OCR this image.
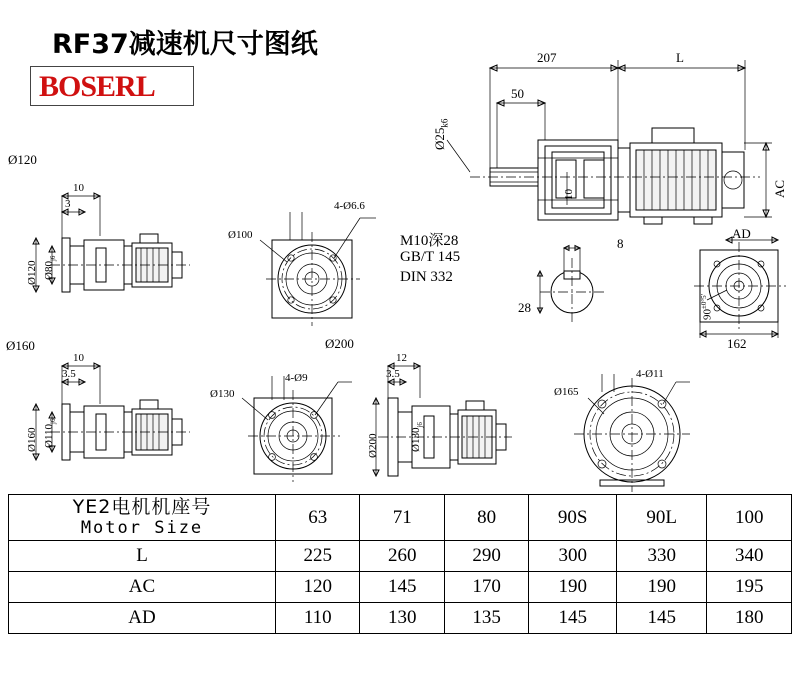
RF37减速机尺寸图纸
BOSERL
207	L
50
$Ø25_{k6}$
AC
AD
M10深28
GB/T 145
DIN 332
8
28
10
162
$90^{\pm 0^\circ 5'}$
Ø120
10
3
Ø120 $Ø80_{j6}$
4-Ø6.6
Ø100
Ø160
10
3.5
Ø160 $Ø110_{j6}$
4-Ø9
Ø130
Ø200
12
3.5
Ø200	$Ø130_{j6}$
4-Ø11
Ø165
YE2电机机座号
Motor Size	63	71	80	90S	90L	100

L	225	260	290	300	330	340
AC	120	145	170	190	190	195
AD	110	130	135	145	145	180
